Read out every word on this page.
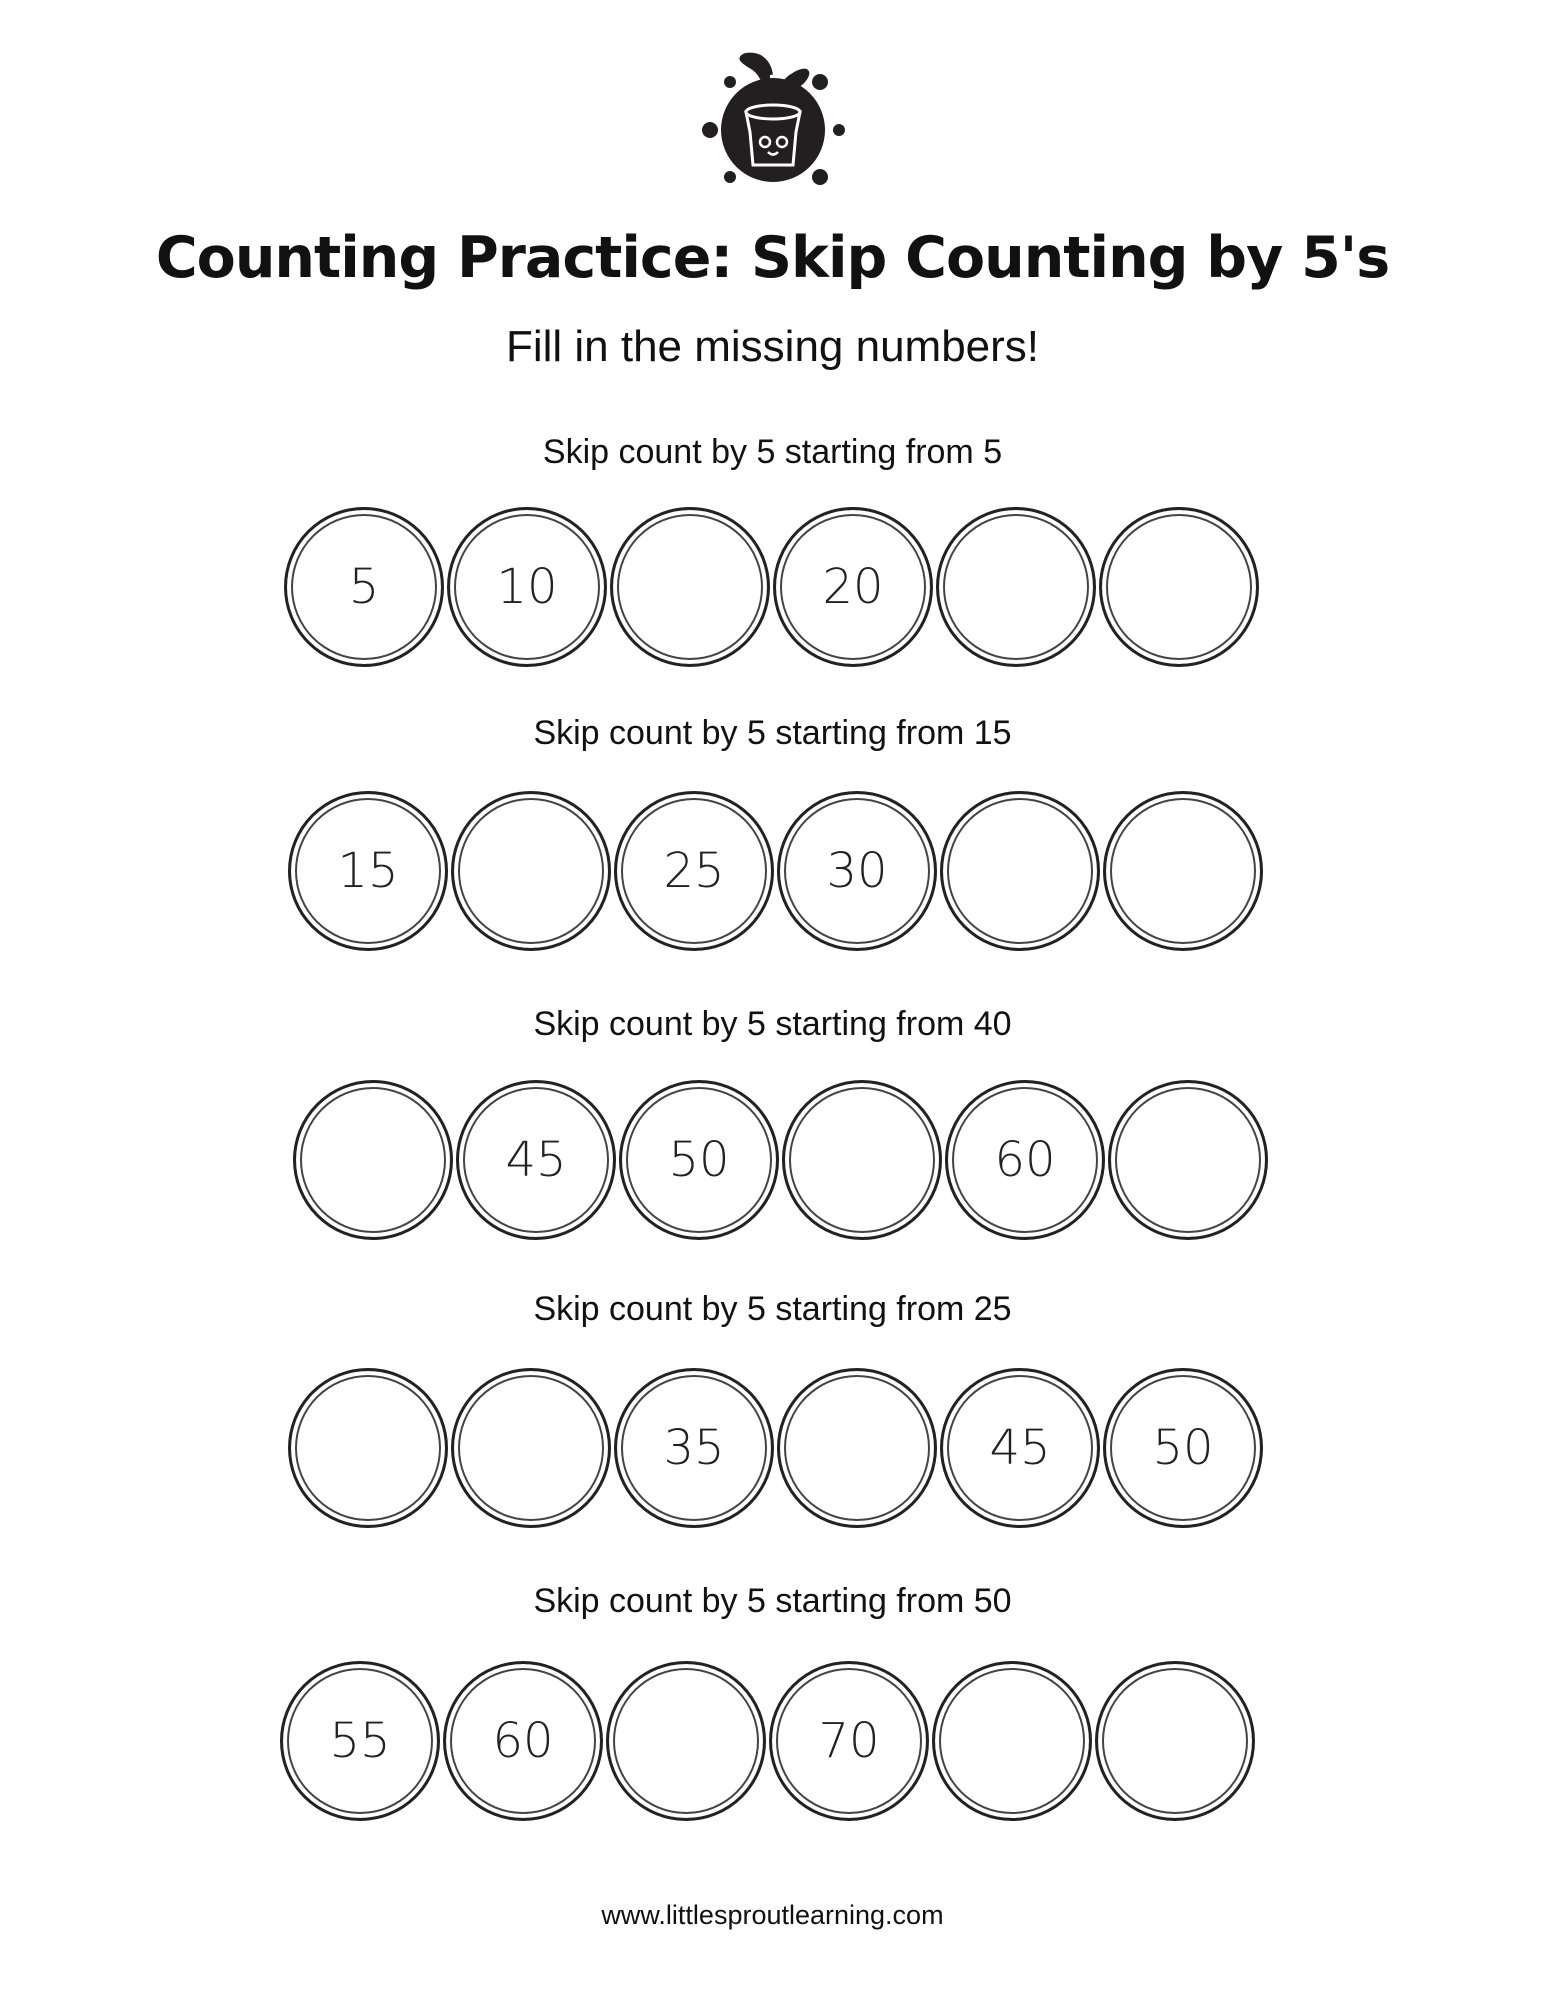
Counting Practice: Skip Counting by 5's
Fill in the missing numbers!
Skip count by 5 starting from 5
5	10	20
Skip count by 5 starting from 15
15	25	30
Skip count by 5 starting from 40
45	50	60
Skip count by 5 starting from 25
35	45	50
Skip count by 5 starting from 50
55	60	70
www.littlesproutlearning.com
